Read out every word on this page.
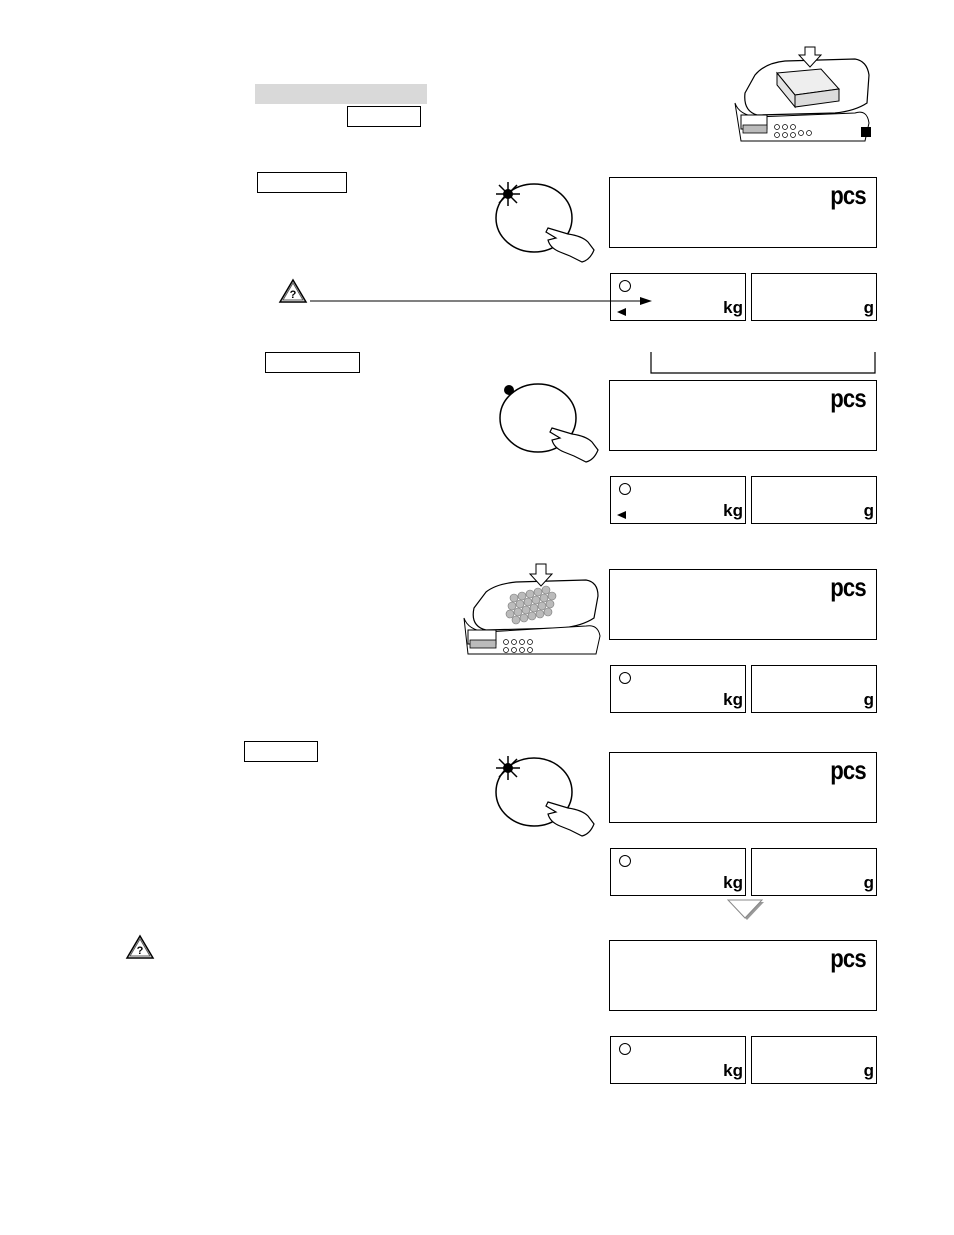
pcs
kg	g
?
pcs
kg	g
pcs
kg	g
pcs
kg	g
?	pcs
kg	g
